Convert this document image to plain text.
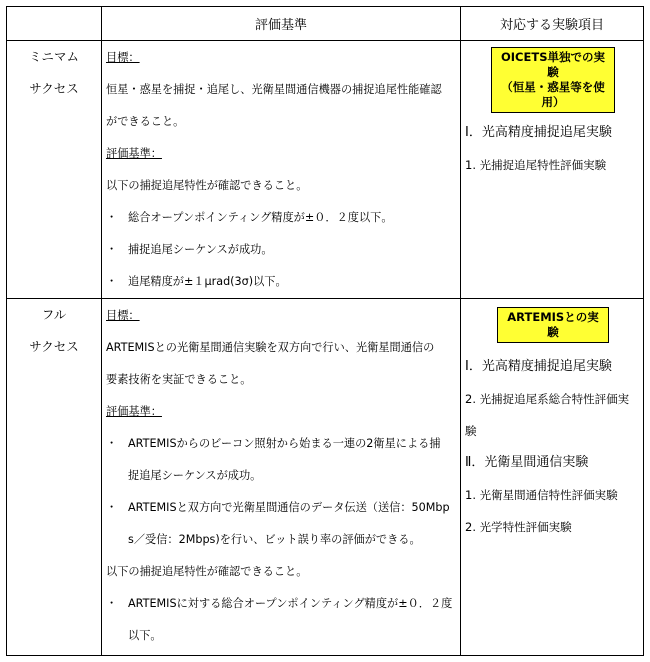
評価基準	対応する実験項目
ミニマム
サクセス
目標：
恒星・惑星を捕捉・追尾し、光衛星間通信機器の捕捉追尾性能確認
ができること。
評価基準：
以下の捕捉追尾特性が確認できること。
・ 総合オープンポインティング精度が±０．２度以下。
・ 捕捉追尾シーケンスが成功。
・ 追尾精度が±１μrad(3σ)以下。
OICETS単独での実験
（恒星・惑星等を使用）
Ⅰ．光高精度捕捉追尾実験
1. 光捕捉追尾特性評価実験
フル
サクセス
目標：
ARTEMISとの光衛星間通信実験を双方向で行い、光衛星間通信の
要素技術を実証できること。
評価基準：
・ ARTEMISからのビーコン照射から始まる一連の2衛星による捕
捉追尾シーケンスが成功。
・ ARTEMISと双方向で光衛星間通信のデータ伝送（送信：50Mbp
s／受信：2Mbps)を行い、ビット誤り率の評価ができる。
以下の捕捉追尾特性が確認できること。
・ ARTEMISに対する総合オープンポインティング精度が±０．２度
以下。
ARTEMISとの実験
Ⅰ．光高精度捕捉追尾実験
2. 光捕捉追尾系総合特性評価実
験
Ⅱ．光衛星間通信実験
1. 光衛星間通信特性評価実験
2. 光学特性評価実験
